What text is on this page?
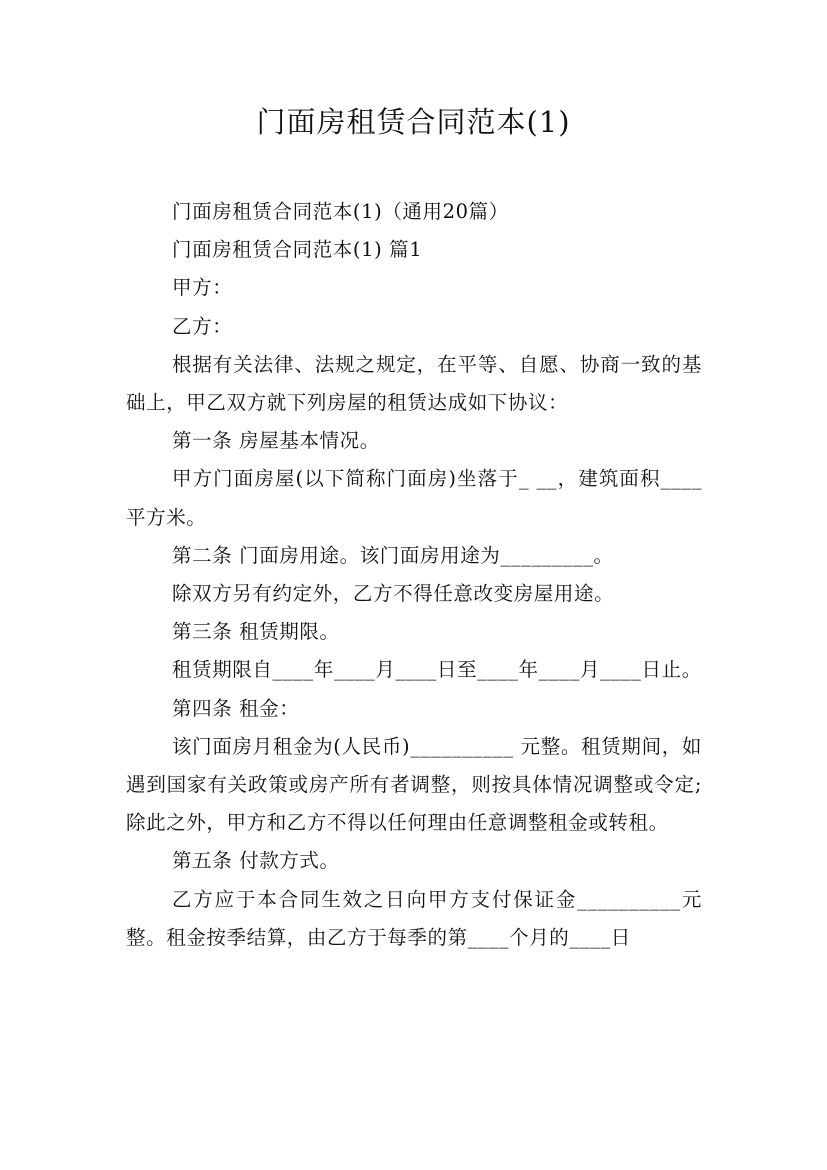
门面房租赁合同范本(1)

门面房租赁合同范本(1)（通用20篇）

门面房租赁合同范本(1) 篇1

甲方：

乙方：

根据有关法律、法规之规定，在平等、自愿、协商一致的基础上，甲乙双方就下列房屋的租赁达成如下协议：

第一条 房屋基本情况。

甲方门面房屋(以下简称门面房)坐落于_ __，建筑面积____平方米。

第二条 门面房用途。该门面房用途为_________。

除双方另有约定外，乙方不得任意改变房屋用途。

第三条 租赁期限。

租赁期限自____年____月____日至____年____月____日止。

第四条 租金：

该门面房月租金为(人民币)__________ 元整。租赁期间，如遇到国家有关政策或房产所有者调整，则按具体情况调整或令定;除此之外，甲方和乙方不得以任何理由任意调整租金或转租。

第五条 付款方式。

乙方应于本合同生效之日向甲方支付保证金__________元整。租金按季结算，由乙方于每季的第____个月的____日
